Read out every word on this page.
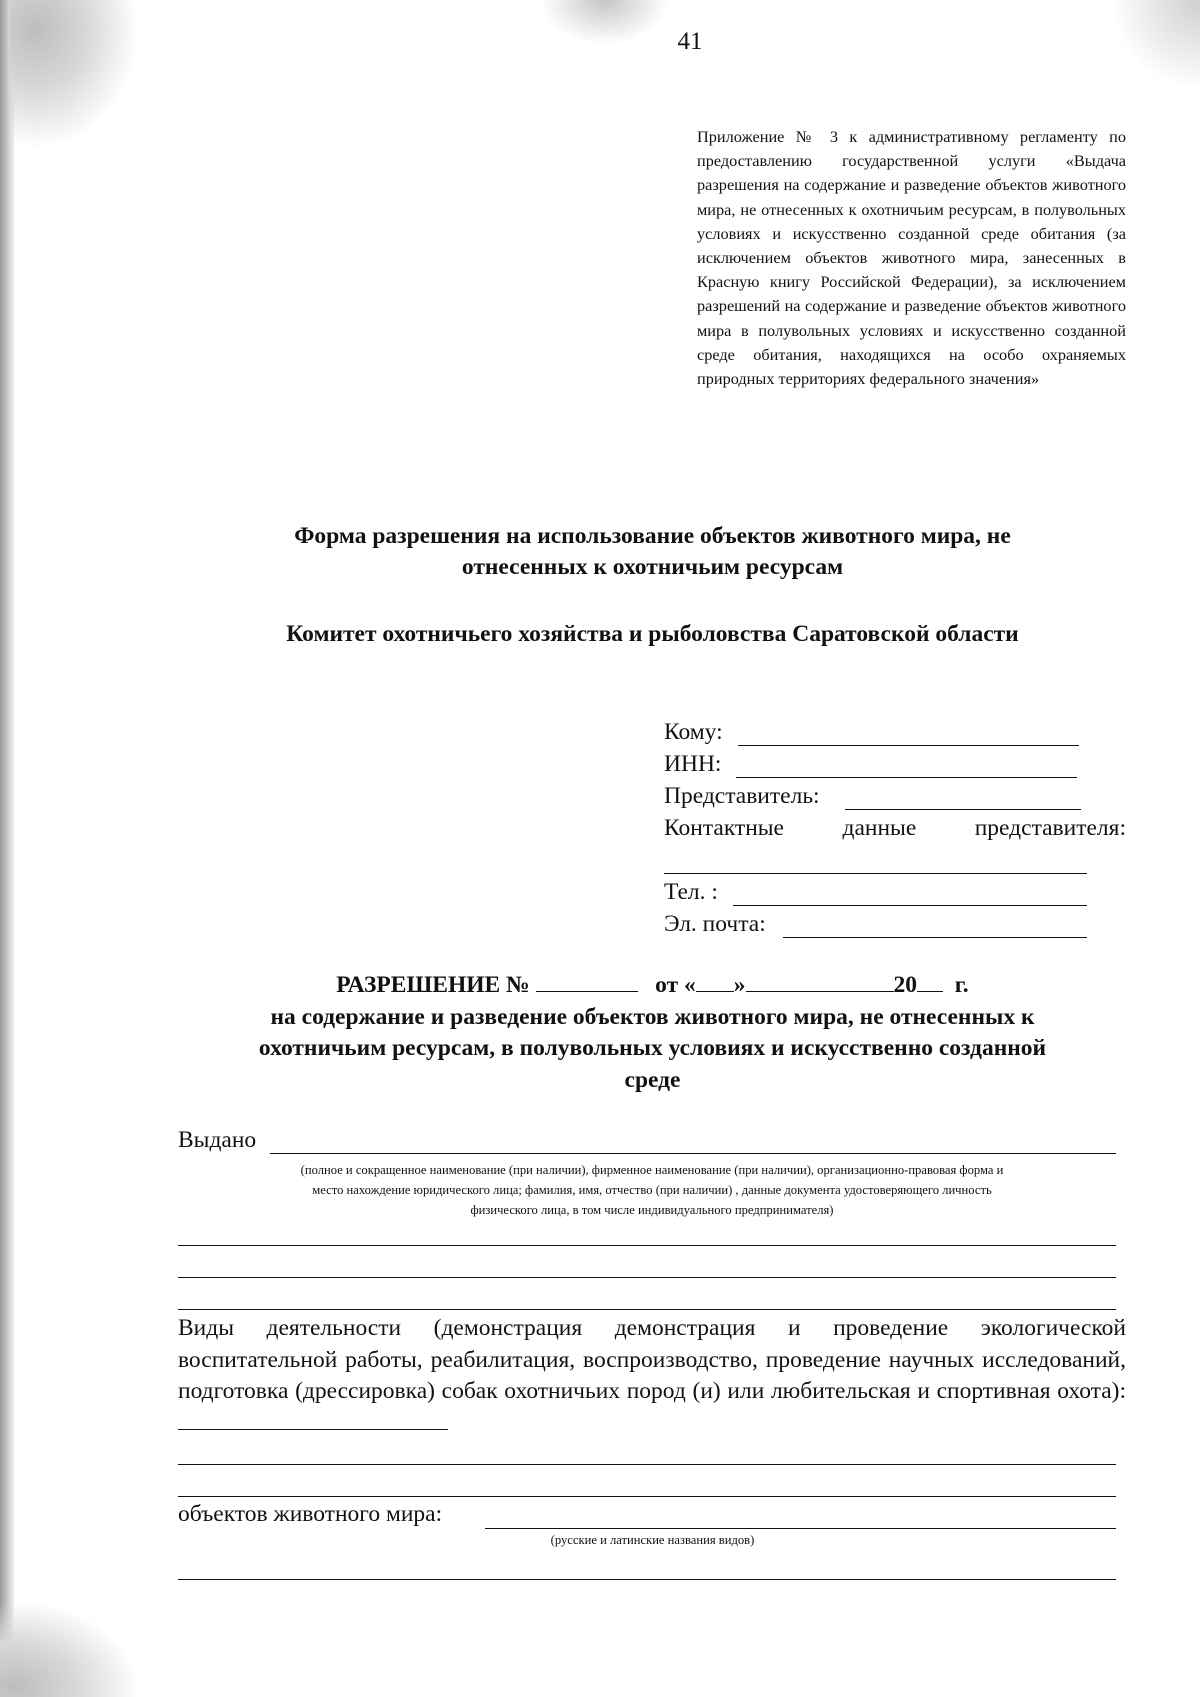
41
Приложение № 3 к административному регламенту по предоставлению государственной услуги «Выдача разрешения на содержание и разведение объектов животного мира, не отнесенных к охотничьим ресурсам, в полувольных условиях и искусственно созданной среде обитания (за исключением объектов животного мира, занесенных в Красную книгу Российской Федерации), за исключением разрешений на содержание и разведение объектов животного мира в полувольных условиях и искусственно созданной среде обитания, находящихся на особо охраняемых природных территориях федерального значения»
Форма разрешения на использование объектов животного мира, не
отнесенных к охотничьим ресурсам
Комитет охотничьего хозяйства и рыболовства Саратовской области
Кому:
ИНН:
Представитель:
Контактные данные представителя:
Тел. :
Эл. почта:
РАЗРЕШЕНИЕ №	от « »	20 г.
на содержание и разведение объектов животного мира, не отнесенных к
охотничьим ресурсам, в полувольных условиях и искусственно созданной
среде
Выдано
(полное и сокращенное наименование (при наличии), фирменное наименование (при наличии), организационно-правовая форма и
место нахождение юридического лица; фамилия, имя, отчество (при наличии) , данные документа удостоверяющего личность
физического лица, в том числе индивидуального предпринимателя)
Виды деятельности (демонстрация демонстрация и проведение экологической воспитательной работы, реабилитация, воспроизводство, проведение научных исследований, подготовка (дрессировка) собак охотничьих пород (и) или любительская и спортивная охота):
объектов животного мира:
(русские и латинские названия видов)
